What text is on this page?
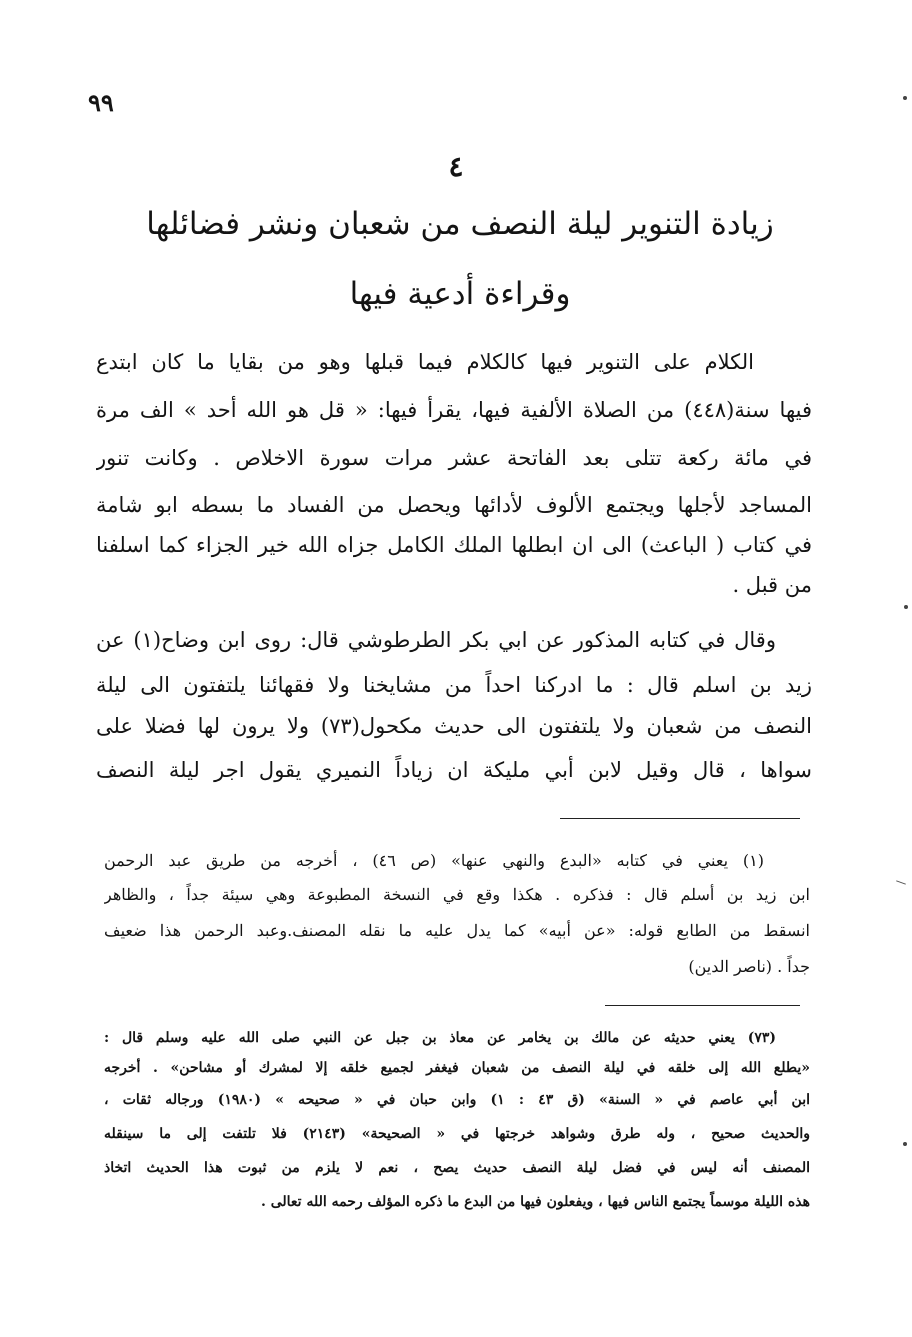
٩٩
٤
زيادة التنوير ليلة النصف من شعبان ونشر فضائلها
وقراءة أدعية فيها
الكلام على التنوير فيها كالكلام فيما قبلها وهو من بقايا ما كان ابتدع
فيها سنة(٤٤٨) من الصلاة الألفية فيها، يقرأ فيها: « قل هو الله أحد » الف مرة
في مائة ركعة تتلى بعد الفاتحة عشر مرات سورة الاخلاص . وكانت تنور
المساجد لأجلها ويجتمع الألوف لأدائها ويحصل من الفساد ما بسطه ابو شامة
في كتاب ( الباعث) الى ان ابطلها الملك الكامل جزاه الله خير الجزاء كما اسلفنا
من قبل .
وقال في كتابه المذكور عن ابي بكر الطرطوشي قال: روى ابن وضاح(١) عن
زيد بن اسلم قال : ما ادركنا احداً من مشايخنا ولا فقهائنا يلتفتون الى ليلة
النصف من شعبان ولا يلتفتون الى حديث مكحول(٧٣) ولا يرون لها فضلا على
سواها ، قال وقيل لابن أبي مليكة ان زياداً النميري يقول اجر ليلة النصف
(١) يعني في كتابه «البدع والنهي عنها» (ص ٤٦) ، أخرجه من طريق عبد الرحمن
ابن زيد بن أسلم قال : فذكره . هكذا وقع في النسخة المطبوعة وهي سيئة جداً ، والظاهر
انسقط من الطابع قوله: «عن أبيه» كما يدل عليه ما نقله المصنف.وعبد الرحمن هذا ضعيف
جداً . (ناصر الدين)
(٧٣) يعني حديثه عن مالك بن يخامر عن معاذ بن جبل عن النبي صلى الله عليه وسلم قال :
«يطلع الله إلى خلقه في ليلة النصف من شعبان فيغفر لجميع خلقه إلا لمشرك أو مشاحن» . أخرجه
ابن أبي عاصم في « السنة» (ق ٤٣ : ١) وابن حبان في « صحيحه » (١٩٨٠) ورجاله ثقات ،
والحديث صحيح ، وله طرق وشواهد خرجتها في « الصحيحة» (٢١٤٣) فلا تلتفت إلى ما سينقله
المصنف أنه ليس في فضل ليلة النصف حديث يصح ، نعم لا يلزم من ثبوت هذا الحديث اتخاذ
هذه الليلة موسماً يجتمع الناس فيها ، ويفعلون فيها من البدع ما ذكره المؤلف رحمه الله تعالى .
